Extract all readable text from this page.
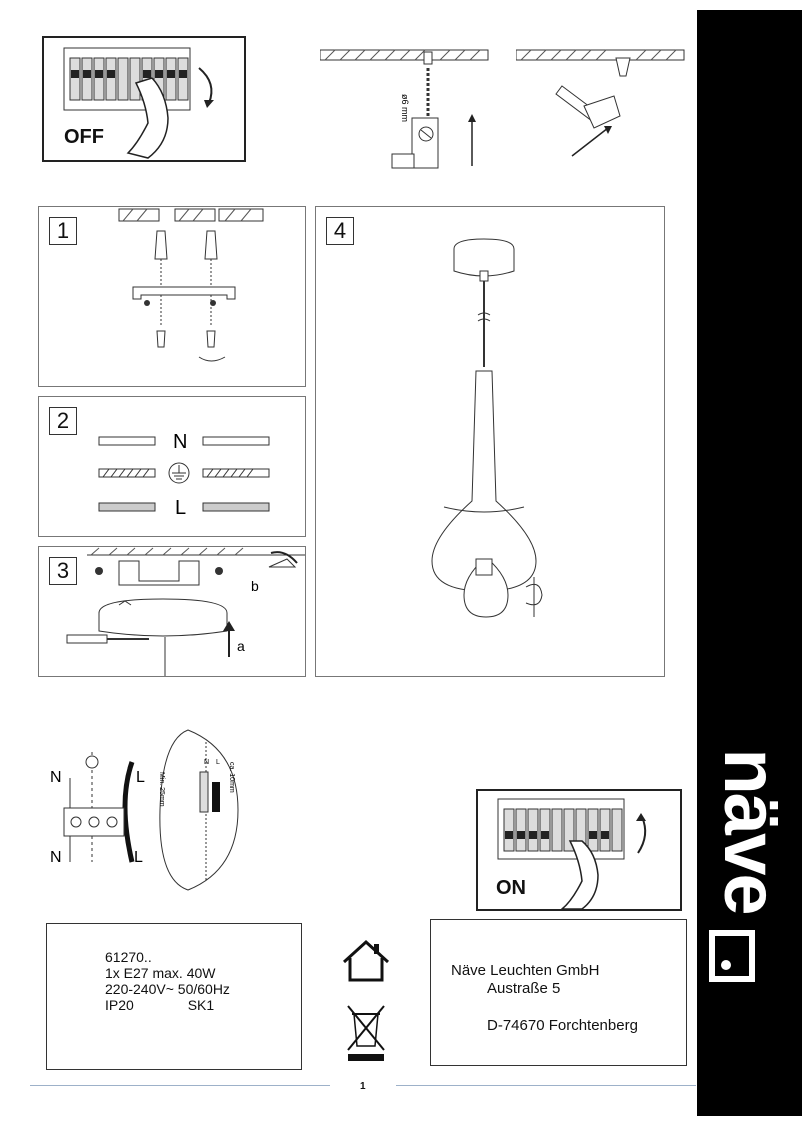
OFF
ø6 mm
1
2
N
L
3
a
b
4
N	L
N	L
N L
Min. 25mm	ca. 10mm
ON
61270..
1x E27 max. 40W
220-240V~ 50/60Hz
IP20	SK1
Näve Leuchten GmbH
Austraße 5
D-74670 Forchtenberg
1
näve
